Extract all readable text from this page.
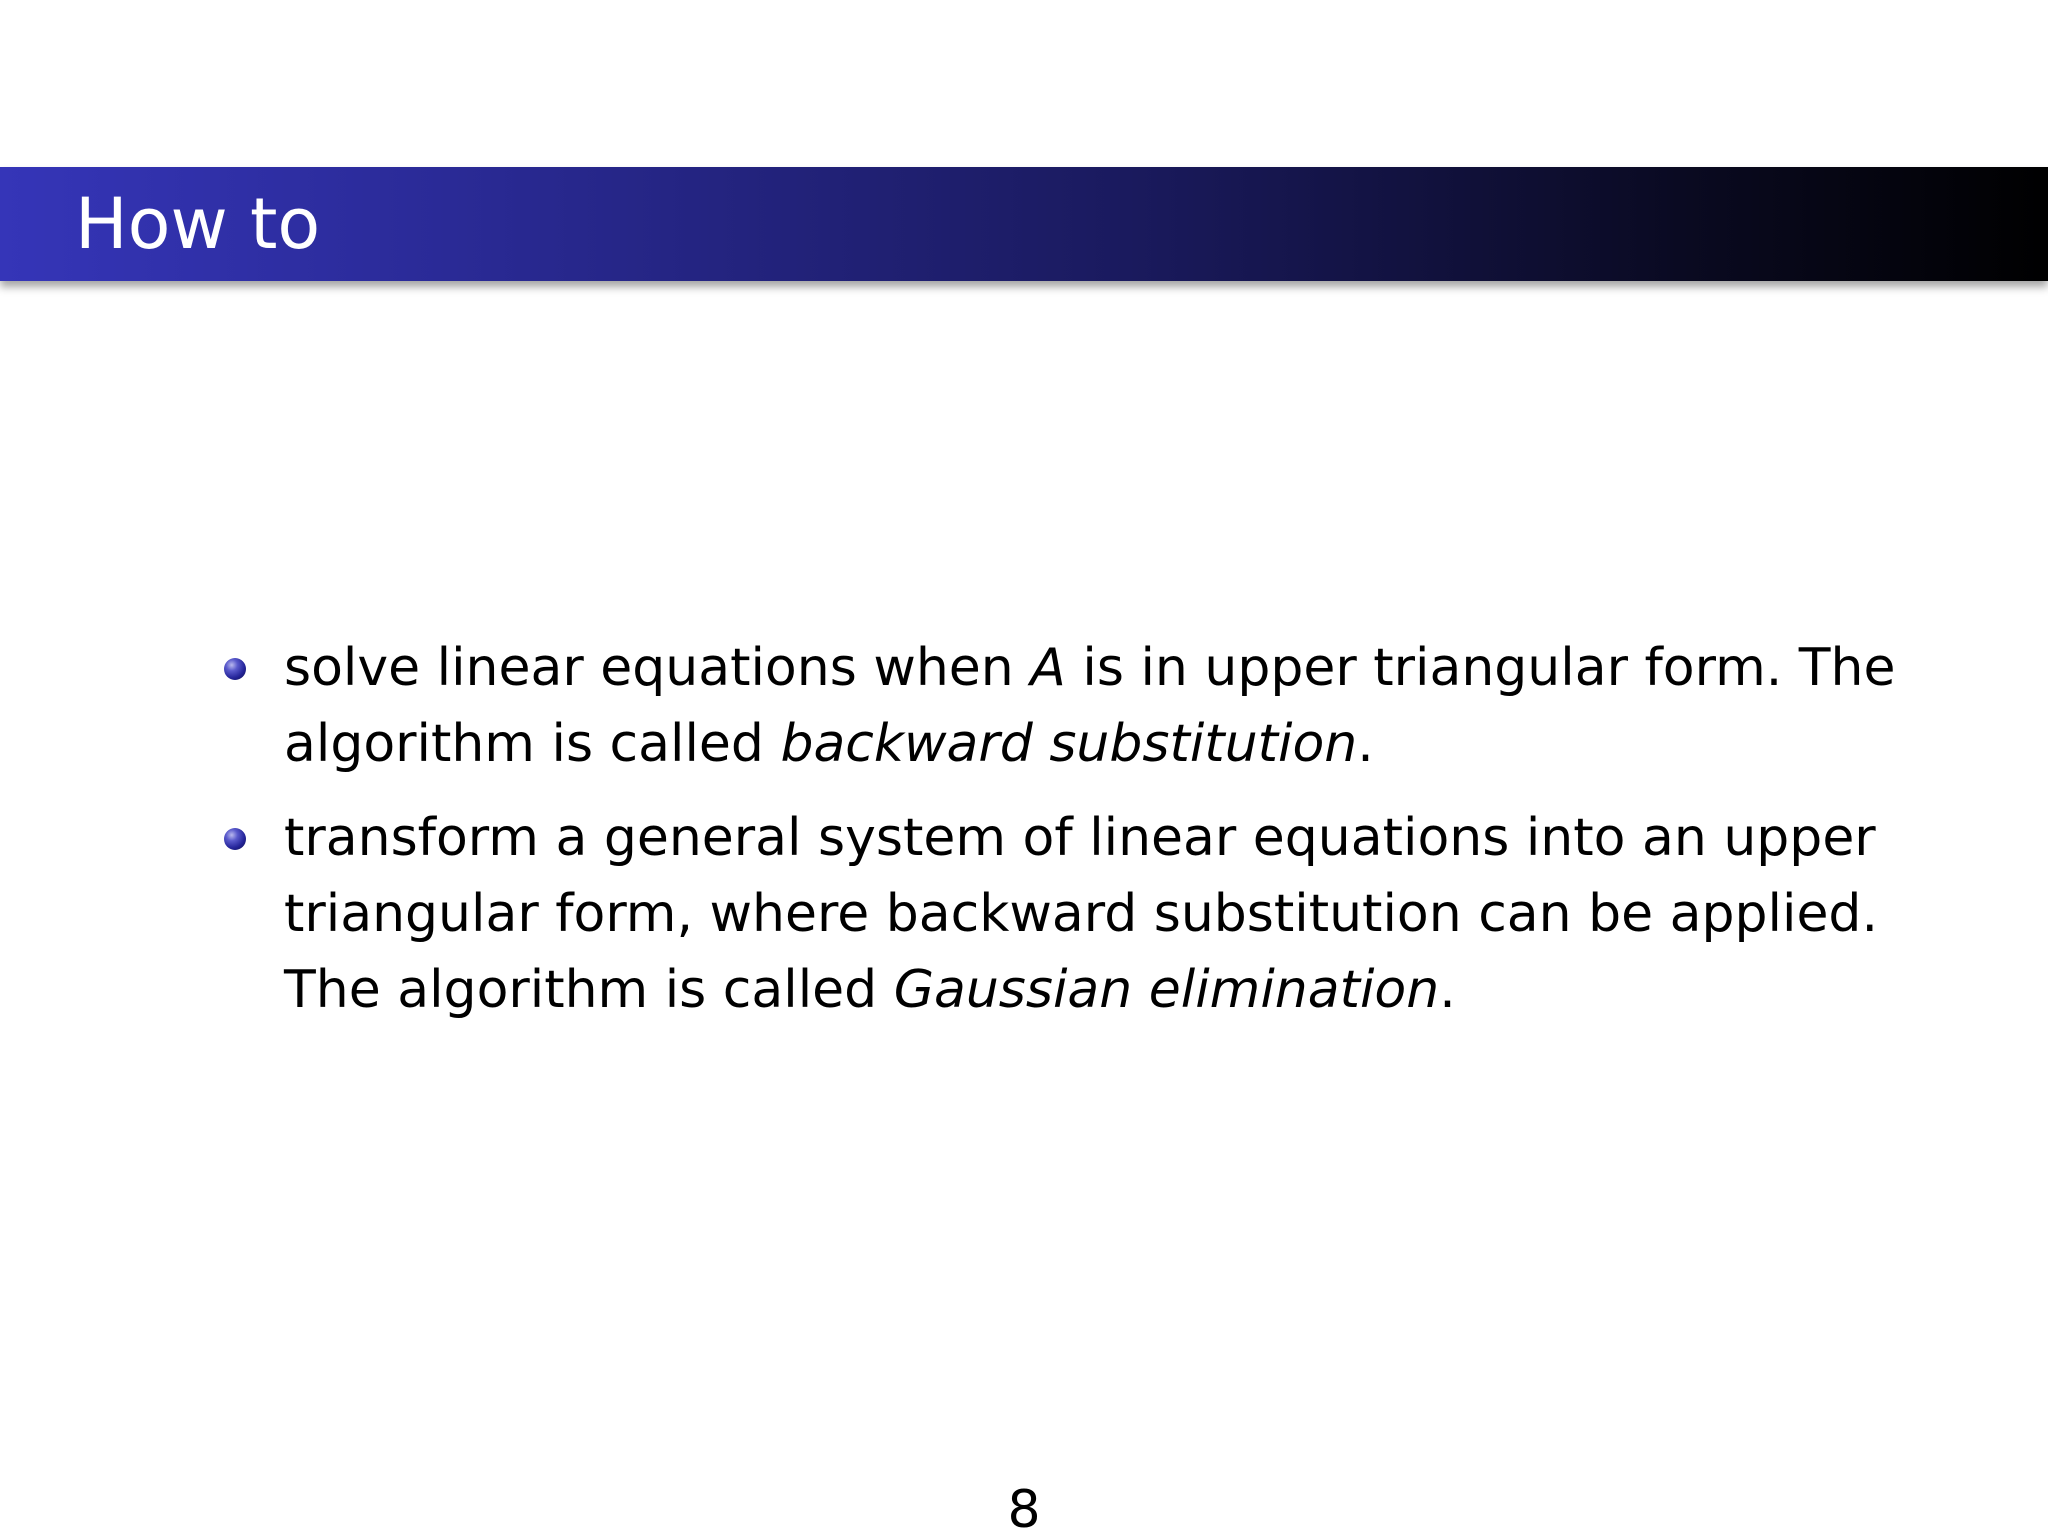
How to
solve linear equations when A is in upper triangular form. The algorithm is called backward substitution.
transform a general system of linear equations into an upper triangular form, where backward substitution can be applied. The algorithm is called Gaussian elimination.
8
